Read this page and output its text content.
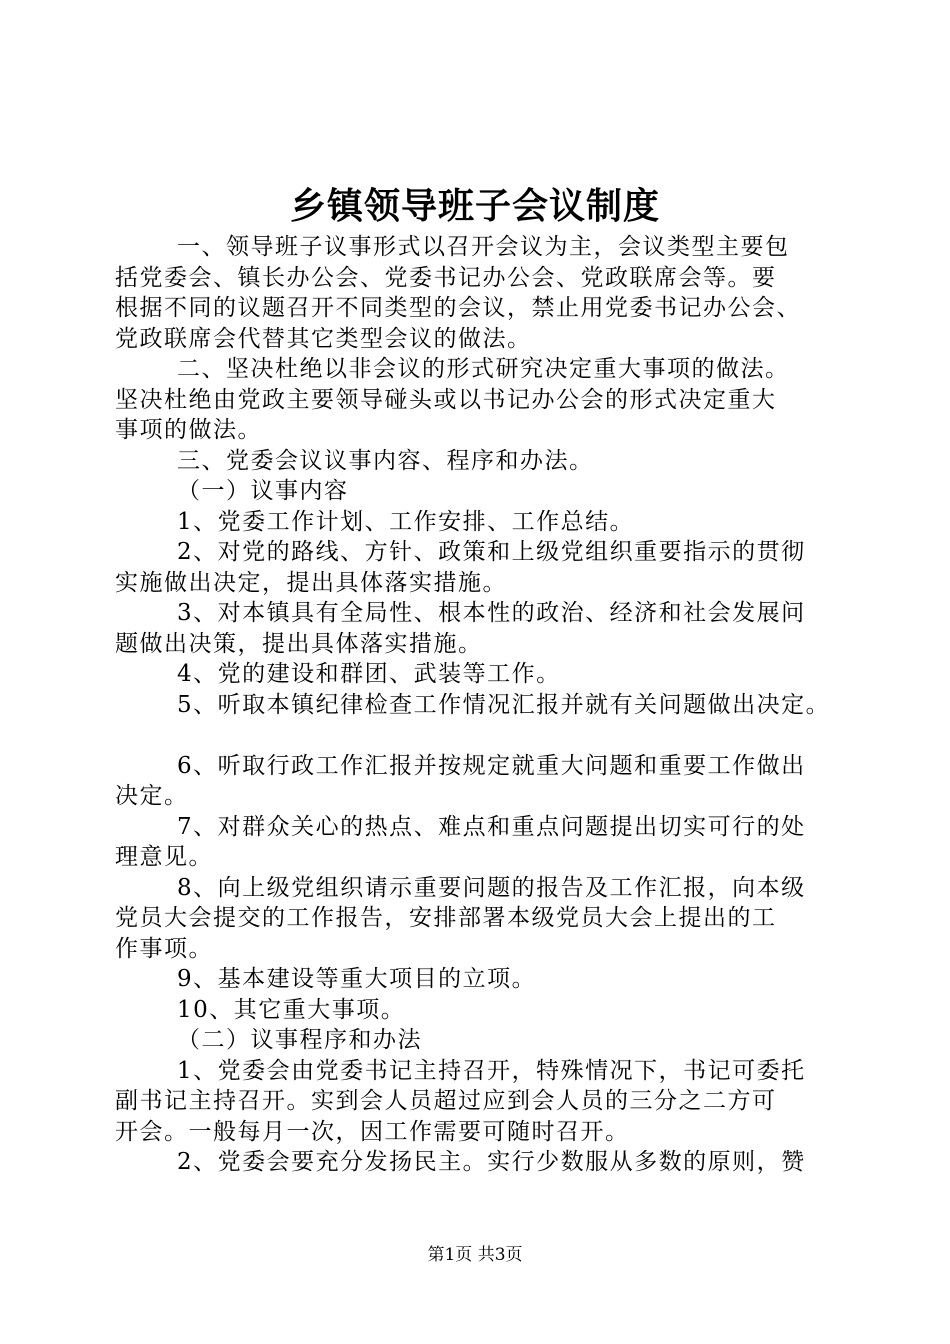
乡镇领导班子会议制度
一、领导班子议事形式以召开会议为主，会议类型主要包
括党委会、镇长办公会、党委书记办公会、党政联席会等。要
根据不同的议题召开不同类型的会议，禁止用党委书记办公会、
党政联席会代替其它类型会议的做法。
二、坚决杜绝以非会议的形式研究决定重大事项的做法。
坚决杜绝由党政主要领导碰头或以书记办公会的形式决定重大
事项的做法。
三、党委会议议事内容、程序和办法。
（一）议事内容
1、党委工作计划、工作安排、工作总结。
2、对党的路线、方针、政策和上级党组织重要指示的贯彻
实施做出决定，提出具体落实措施。
3、对本镇具有全局性、根本性的政治、经济和社会发展问
题做出决策，提出具体落实措施。
4、党的建设和群团、武装等工作。
5、听取本镇纪律检查工作情况汇报并就有关问题做出决定。
6、听取行政工作汇报并按规定就重大问题和重要工作做出
决定。
7、对群众关心的热点、难点和重点问题提出切实可行的处
理意见。
8、向上级党组织请示重要问题的报告及工作汇报，向本级
党员大会提交的工作报告，安排部署本级党员大会上提出的工
作事项。
9、基本建设等重大项目的立项。
10、其它重大事项。
（二）议事程序和办法
1、党委会由党委书记主持召开，特殊情况下，书记可委托
副书记主持召开。实到会人员超过应到会人员的三分之二方可
开会。一般每月一次，因工作需要可随时召开。
2、党委会要充分发扬民主。实行少数服从多数的原则，赞
第1页 共3页
